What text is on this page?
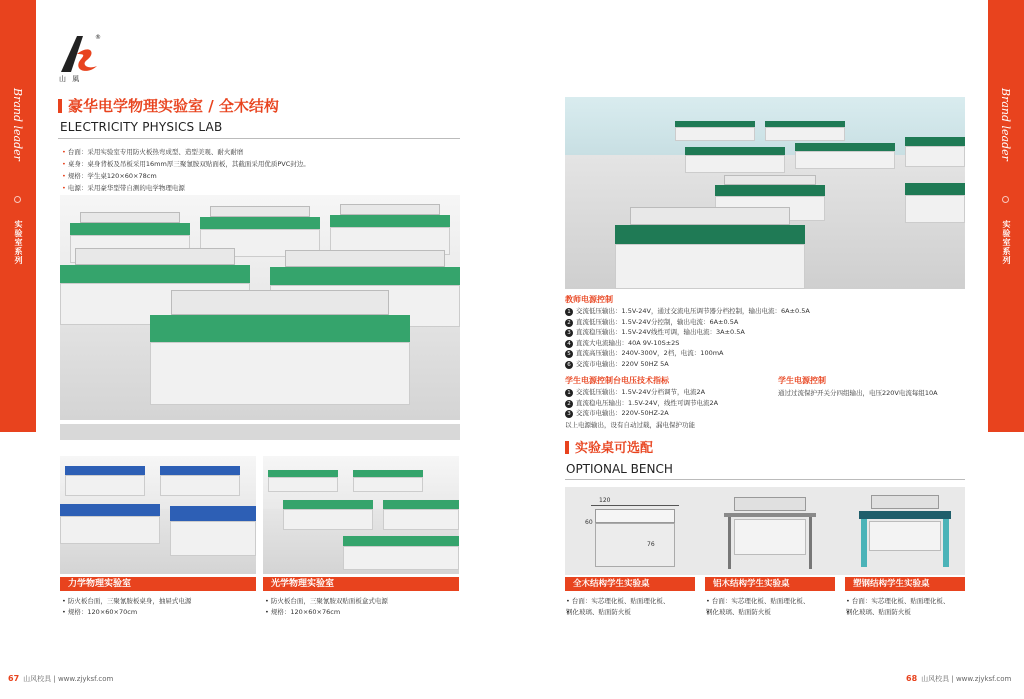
Brand leader
实验室系列
Brand leader
实验室系列
山 風
®
豪华电学物理实验室 / 全木结构
ELECTRICITY PHYSICS LAB
• 台面：采用实验室专用防火板热弯成型、造型美观、耐火耐磨
• 桌身：桌身背板及吊板采用16mm厚三聚氰胺双贴面板，其截面采用优质PVC封边。
• 规格：学生桌120×60×78cm
• 电源：采用豪华型带自测的电学物理电源
力学物理实验室	光学物理实验室
• 防火板台面，三聚氰胺板桌身，抽屉式电源
• 规格：120×60×70cm
• 防火板台面，三聚氰胺双贴面板盒式电源
• 规格：120×60×76cm
教师电源控制
1 交流低压输出：1.5V-24V，通过交流电压调节器分档控制，输出电流：6A±0.5A
2 直流低压输出：1.5V-24V分控制，输出电流：6A±0.5A
3 直流稳压输出：1.5V-24V线性可调，输出电流：3A±0.5A
4 直流大电流输出：40A 9V-10S±2S
5 直流高压输出：240V-300V，2档，电流：100mA
6 交流市电输出：220V 50HZ 5A
学生电源控制台电压技术指标
1 交流低压输出：1.5V-24V分档调节，电流2A
2 直流稳电压输出：1.5V-24V，线性可调节电流2A
3 交流市电输出：220V-50HZ-2A
以上电源输出，设有自动过载，漏电保护功能
学生电源控制
通过过流保护开关分四组输出，电压220V电流每组10A
实验桌可选配
OPTIONAL BENCH
120
60
76
全木结构学生实验桌	铝木结构学生实验桌	塑钢结构学生实验桌
• 台面：实芯理化板、贴面理化板、
• 钢化玻璃、贴面防火板
• 台面：实芯理化板、贴面理化板、
• 钢化玻璃、贴面防火板
• 台面：实芯理化板、贴面理化板、
• 钢化玻璃、贴面防火板
67 山风校具 | www.zjyksf.com	68 山风校具 | www.zjyksf.com
